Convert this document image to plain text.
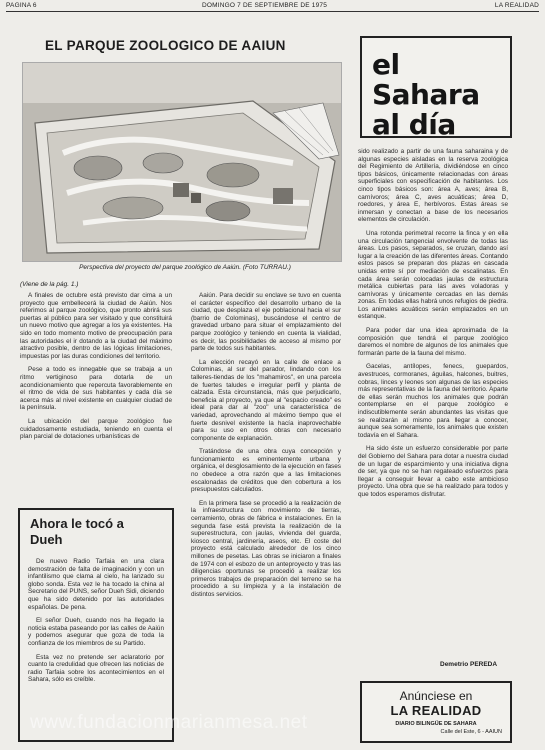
PAGINA 6	DOMINGO 7 DE SEPTIEMBRE DE 1975	LA REALIDAD
EL PARQUE ZOOLOGICO DE AAIUN
Perspectiva del proyecto del parque zoológico de Aaiún. (Foto TURRAU.)
(Viene de la pág. 1.)

A finales de octubre está previsto dar cima a un proyecto que embellecerá la ciudad de Aaiún. Nos referimos al parque zoológico, que pronto abrirá sus puertas al público para ser visitado y que constituirá un nuevo motivo que agregar a los ya existentes. Ha sido en todo momento motivo de preocupación para las autoridades el ir dotando a la ciudad del máximo atractivo posible, dentro de las lógicas limitaciones, impuestas por las duras condiciones del territorio.

Pese a todo es innegable que se trabaja a un ritmo vertiginoso para dotarla de un acondicionamiento que repercuta favorablemente en el ritmo de vida de sus habitantes y cada día se acerca más al nivel existente en cualquier ciudad de la península.

La ubicación del parque zoológico fue cuidadosamente estudiada, teniendo en cuenta el plan parcial de dotaciones urbanísticas de

Aaiún. Para decidir su enclave se tuvo en cuenta el carácter específico del desarrollo urbano de la ciudad, que desplaza el eje poblacional hacia el sur (barrio de Colominas), buscándose el centro de gravedad urbano para situar el emplazamiento del parque zoológico y teniendo en cuenta la vialidad, es decir, las posibilidades de acceso al mismo por parte de todos sus habitantes.

La elección recayó en la calle de enlace a Colominas, al sur del parador, lindando con los talleres-tiendas de los "mahamiros", en una parcela de fuertes taludes e irregular perfil y planta de calzada. Esta circunstancia, más que perjudicarlo, beneficia al proyecto, ya que al "espacio creado" es ideal para dar al "zoo" una característica de variedad, aprovechando al máximo tiempo que el fuerte desnivel existente la hacía inaprovechable para su uso en otros obras con necesario componente de explanación.

Tratándose de una obra cuya concepción y funcionamiento es eminentemente urbana y orgánica, el desglosamiento de la ejecución en fases no obedece a otra razón que a las limitaciones escalonadas de créditos que den cobertura a los presupuestos calculados.

En la primera fase se procedió a la realización de la infraestructura con movimiento de tierras, cerramiento, obras de fábrica e instalaciones. En la segunda fase está prevista la realización de la superestructura, con jaulas, vivienda del guarda, kiosco central, jardinería, aseos, etc. El coste del proyecto está calculado alrededor de los cinco millones de pesetas. Las obras se iniciaron a finales de 1974 con el esbozo de un anteproyecto y tras las diligencias oportunas se procedió a realizar los primeros trabajos de preparación del terreno se ha procedido a su limpieza y a la instalación de distintos servicios.

el Sahara
al día

sido realizado a partir de una fauna saharaina y de algunas especies aisladas en la reserva zoológica del Regimiento de Artillería, dividiéndose en cinco tipos básicos, únicamente relacionadas con áreas superficiales con especificación de habitantes. Los cinco tipos básicos son: área A, aves; área B, carnívoros; área C, aves acuáticas; área D, roedores, y área E, herbívoros. Estas áreas se inmersan y conectan a base de los necesarios elementos de circulación.

Una rotonda perimetral recorre la finca y en ella una circulación tangencial envolvente de todas las áreas. Los pasos, separados, se cruzan, dando así lugar a la creación de las diferentes áreas. Contando estos pasos se preparan dos plazas en cascada unidas entre sí por mediación de escalinatas. En cada área serán colocadas jaulas de estructura metálica cubiertas para las aves voladoras y carnívoras y únicamente cercadas en las demás zonas. En todas ellas habrá unos refugios de piedra. Los animales acuáticos serán emplazados en un estanque.

Para poder dar una idea aproximada de la composición que tendrá el parque zoológico daremos el nombre de algunos de los animales que formarán parte de la fauna del mismo.

Gacelas, antílopes, fenecs, guepardos, avestruces, cormoranes, águilas, halcones, buitres, cobras, linces y leones son algunas de las especies más representativas de la fauna del territorio. Aparte de ellas serán muchos los animales que podrán contemplarse en el parque zoológico e indiscutiblemente serán abundantes las visitas que se realizarán al mismo para llegar a conocer, aunque sea someramente, los animales que existen todavía en el Sahara.

Ha sido éste un esfuerzo considerable por parte del Gobierno del Sahara para dotar a nuestra ciudad de un lugar de esparcimiento y una iniciativa digna de ser, ya que no se han regateado esfuerzos para llegar a conseguir llevar a cabo este ambicioso proyecto. Una obra que se ha realizado para todos y que todos esperamos disfrutar.

Demetrio PEREDA
Ahora le tocó a
Dueh

De nuevo Radio Tarfaia en una clara demostración de falta de imaginación y con un infantilismo que clama al cielo, ha lanzado su globo sonda. Esta vez le ha tocado la china al Secretario del PUNS, señor Dueh Sidi, diciendo que ha sido detenido por las autoridades españolas. De pena.

El señor Dueh, cuando nos ha llegado la noticia estaba paseando por las calles de Aaiún y podemos asegurar que goza de toda la confianza de los miembros de su Partido.

Esta vez no pretende ser aclaratorio por cuanto la credulidad que ofrecen las noticias de radio Tarfaia sobre los acontecimientos en el Sahara, sólo es creíble.

Anúnciese en
LA REALIDAD
DIARIO BILINGÜE DE SAHARA
Calle del Este, 6 - AAIUN
www.fundacionmarianmesa.net
